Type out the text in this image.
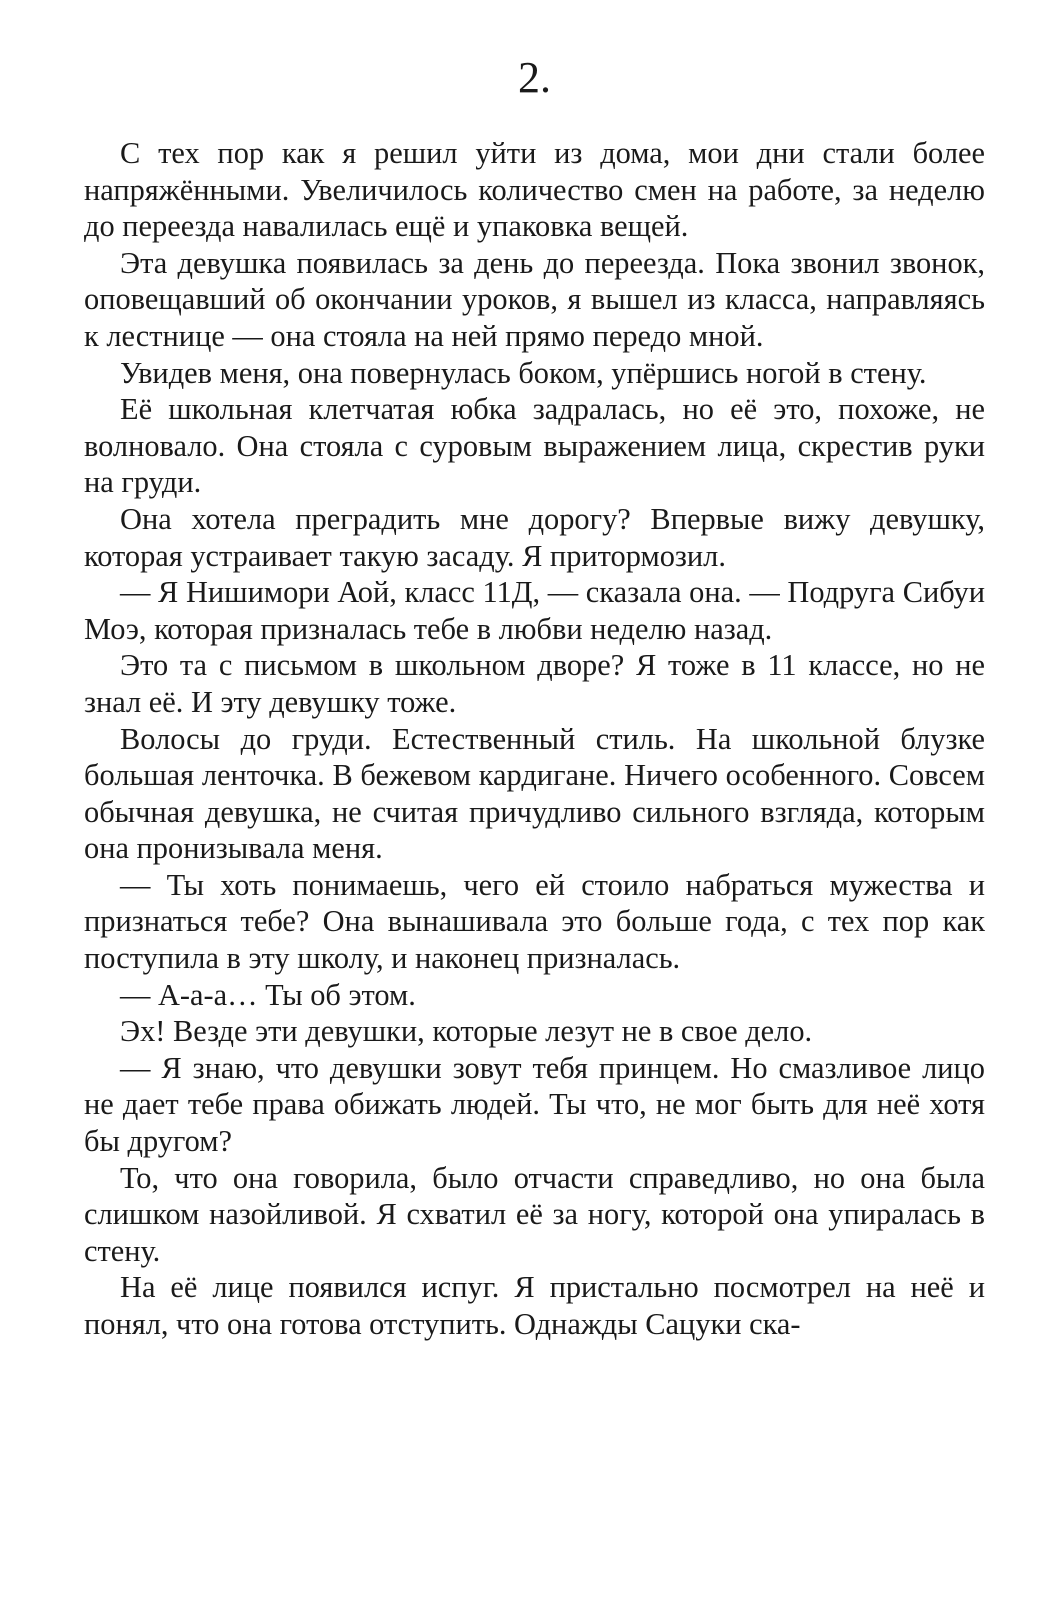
2.

С тех пор как я решил уйти из дома, мои дни стали более напряжёнными. Увеличилось количество смен на работе, за неделю до переезда навалилась ещё и упаковка вещей.

Эта девушка появилась за день до переезда. Пока звонил звонок, оповещавший об окончании уроков, я вышел из класса, направляясь к лестнице — она стояла на ней прямо передо мной.

Увидев меня, она повернулась боком, упёршись ногой в стену.

Её школьная клетчатая юбка задралась, но её это, похоже, не волновало. Она стояла с суровым выражением лица, скрестив руки на груди.

Она хотела преградить мне дорогу? Впервые вижу девушку, которая устраивает такую засаду. Я притормозил.

— Я Нишимори Аой, класс 11Д, — сказала она. — Подруга Сибуи Моэ, которая призналась тебе в любви неделю назад.

Это та с письмом в школьном дворе? Я тоже в 11 классе, но не знал её. И эту девушку тоже.

Волосы до груди. Естественный стиль. На школьной блузке большая ленточка. В бежевом кардигане. Ничего особенного. Совсем обычная девушка, не считая причудливо сильного взгляда, которым она пронизывала меня.

— Ты хоть понимаешь, чего ей стоило набраться мужества и признаться тебе? Она вынашивала это больше года, с тех пор как поступила в эту школу, и наконец призналась.

— А-а-а… Ты об этом.

Эх! Везде эти девушки, которые лезут не в свое дело.

— Я знаю, что девушки зовут тебя принцем. Но смазливое лицо не дает тебе права обижать людей. Ты что, не мог быть для неё хотя бы другом?

То, что она говорила, было отчасти справедливо, но она была слишком назойливой. Я схватил её за ногу, которой она упиралась в стену.

На её лице появился испуг. Я пристально посмотрел на неё и понял, что она готова отступить. Однажды Сацуки ска-
